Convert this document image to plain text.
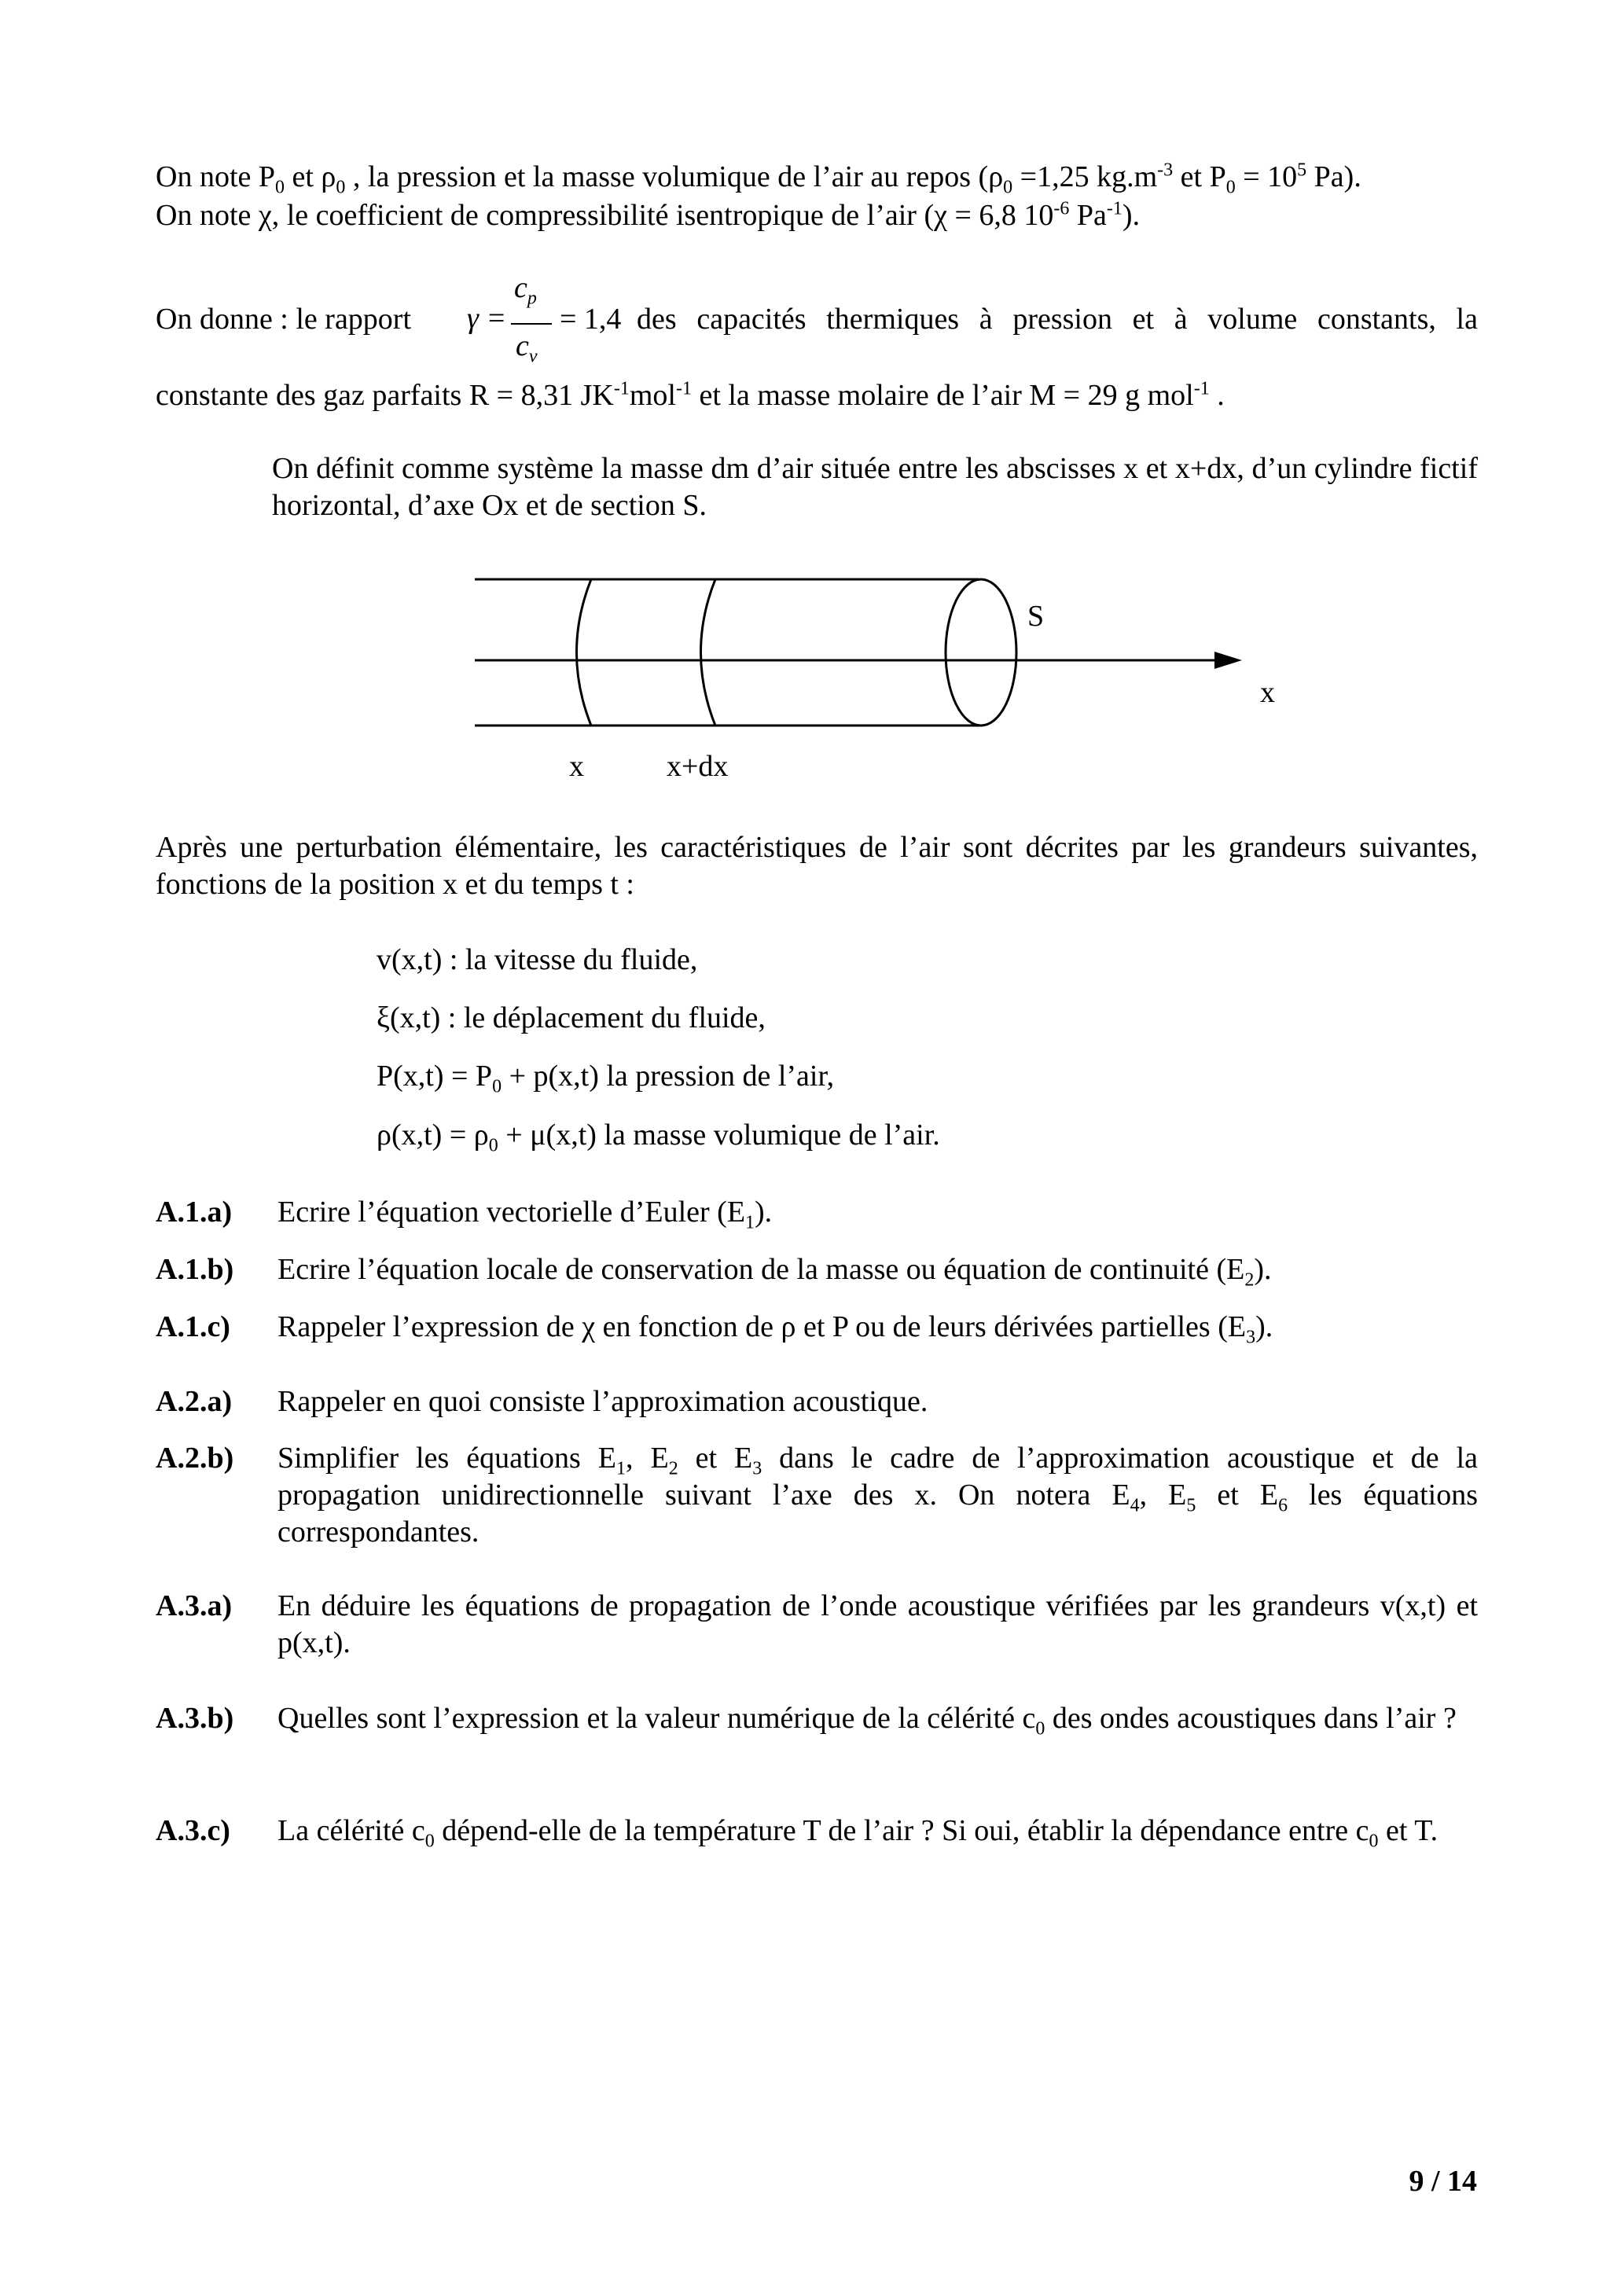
On note $P_0$ et $\rho_0$ , la pression et la masse volumique de l’air au repos ($\rho_0 =1,25$ $kg.m^{-3}$ et $P_0 = 10^5$ Pa).

On note χ, le coefficient de compressibilité isentropique de l’air (χ = 6,8 $10^{-6}$ $Pa^{-1}$).

On donne : le rapport γ =
$c_p$
$c_v$
= 1,4 des capacités thermiques à pression et à volume constants, la

constante des gaz parfaits R = 8,31 $JK^{-1}mol^{-1}$ et la masse molaire de l’air M = 29 g mol$^{-1}$ .

On définit comme système la masse dm d’air située entre les abscisses x et x+dx, d’un cylindre fictif horizontal, d’axe Ox et de section S.

S
x
x	x+dx

Après une perturbation élémentaire, les caractéristiques de l’air sont décrites par les grandeurs suivantes, fonctions de la position x et du temps t :

v(x,t) : la vitesse du fluide,

ξ(x,t) : le déplacement du fluide,

$P(x,t) = P_0 + p(x,t)$ la pression de l’air,

$\rho(x,t) = \rho_0 + \mu(x,t)$ la masse volumique de l’air.

A.1.a) Ecrire l’équation vectorielle d’Euler $(E_1)$.

A.1.b) Ecrire l’équation locale de conservation de la masse ou équation de continuité $(E_2)$.

A.1.c) Rappeler l’expression de χ en fonction de ρ et P ou de leurs dérivées partielles $(E_3)$.

A.2.a) Rappeler en quoi consiste l’approximation acoustique.

A.2.b) Simplifier les équations $E_1$, $E_2$ et $E_3$ dans le cadre de l’approximation acoustique et de la propagation unidirectionnelle suivant l’axe des x. On notera $E_4$, $E_5$ et $E_6$ les équations correspondantes.

A.3.a) En déduire les équations de propagation de l’onde acoustique vérifiées par les grandeurs v(x,t) et p(x,t).

A.3.b) Quelles sont l’expression et la valeur numérique de la célérité $c_0$ des ondes acoustiques dans l’air ?

A.3.c) La célérité $c_0$ dépend-elle de la température T de l’air ? Si oui, établir la dépendance entre $c_0$ et T.

9 / 14
